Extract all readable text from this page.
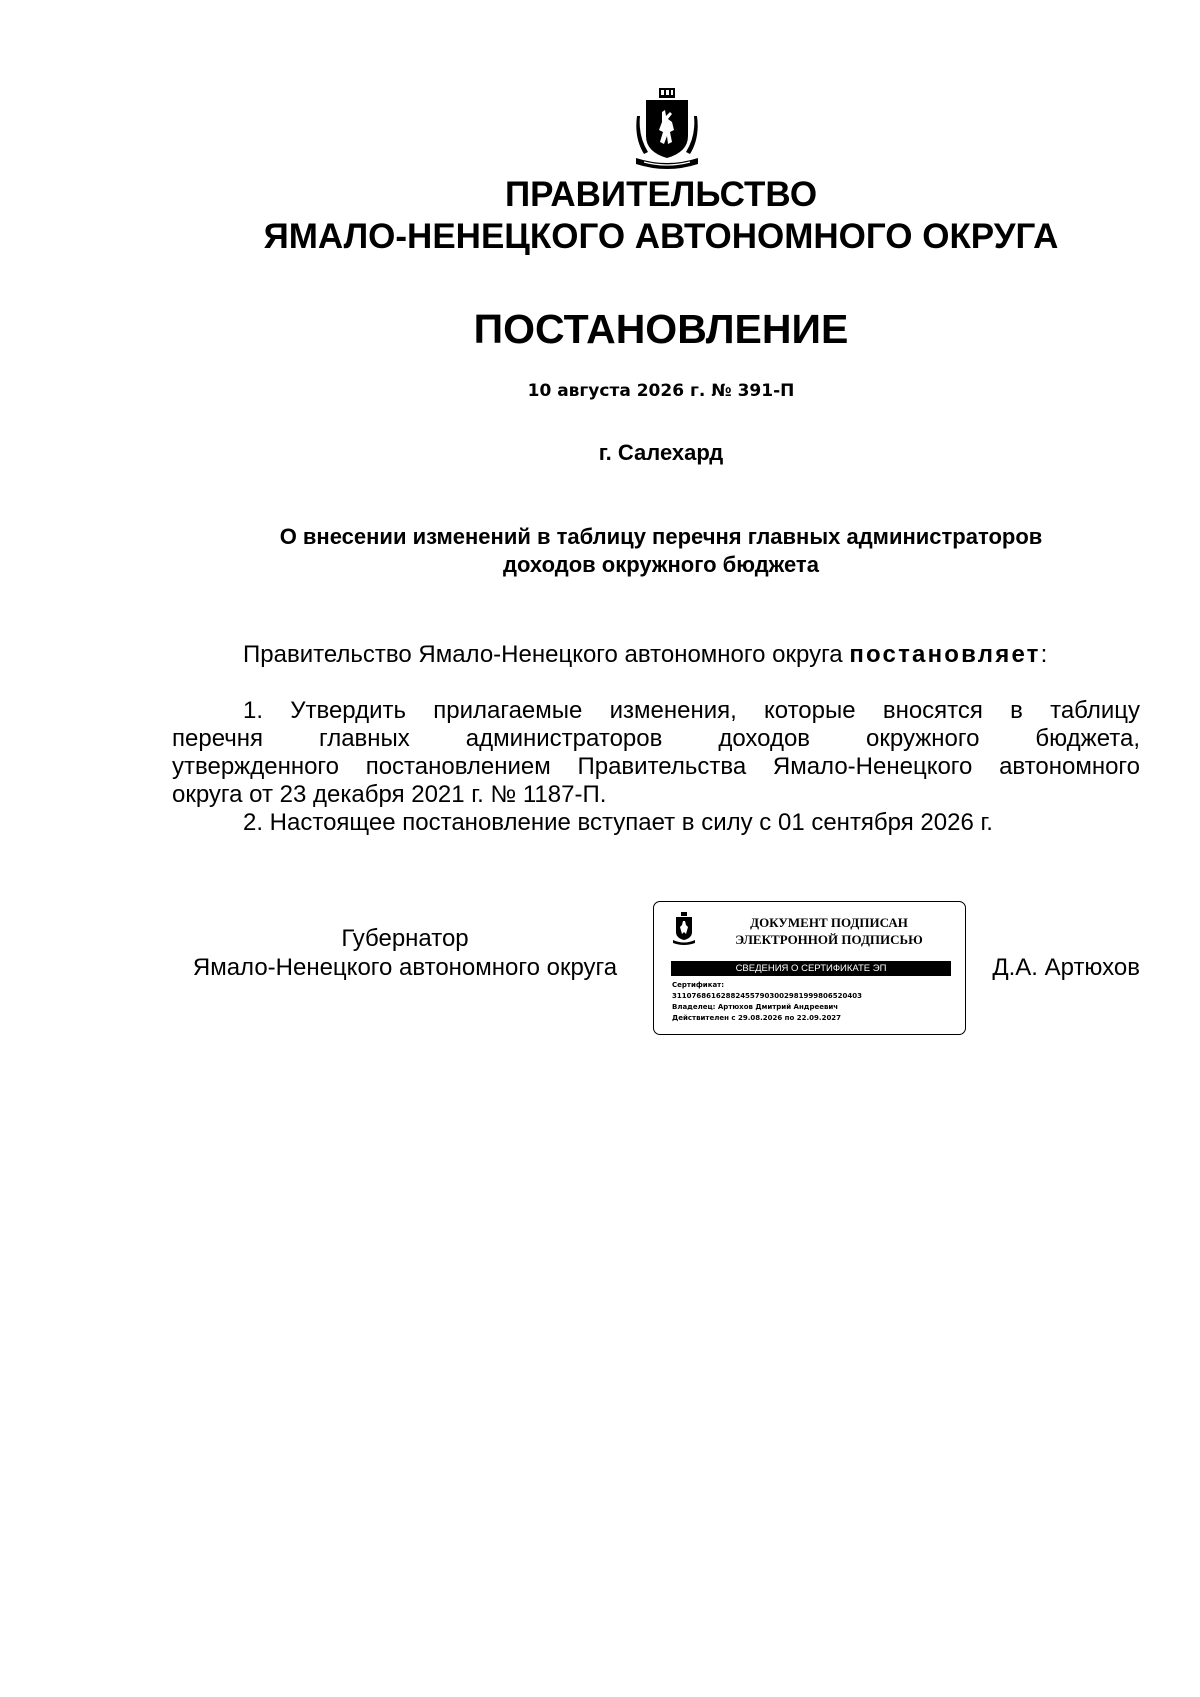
ПРАВИТЕЛЬСТВО
ЯМАЛО-НЕНЕЦКОГО АВТОНОМНОГО ОКРУГА
ПОСТАНОВЛЕНИЕ
10 августа 2026 г. № 391-П
г. Салехард
О внесении изменений в таблицу перечня главных администраторов
доходов окружного бюджета
Правительство Ямало-Ненецкого автономного округа постановляет:
1. Утвердить прилагаемые изменения, которые вносятся в таблицу
перечня главных администраторов доходов окружного бюджета,
утвержденного постановлением Правительства Ямало-Ненецкого автономного
округа от 23 декабря 2021 г. № 1187-П.
2. Настоящее постановление вступает в силу с 01 сентября 2026 г.
Губернатор
Ямало-Ненецкого автономного округа
ДОКУМЕНТ ПОДПИСАН
ЭЛЕКТРОННОЙ ПОДПИСЬЮ
СВЕДЕНИЯ О СЕРТИФИКАТЕ ЭП
Сертификат:
311076861628824557903002981999806520403
Владелец: Артюхов Дмитрий Андреевич
Действителен с 29.08.2026 по 22.09.2027
Д.А. Артюхов
